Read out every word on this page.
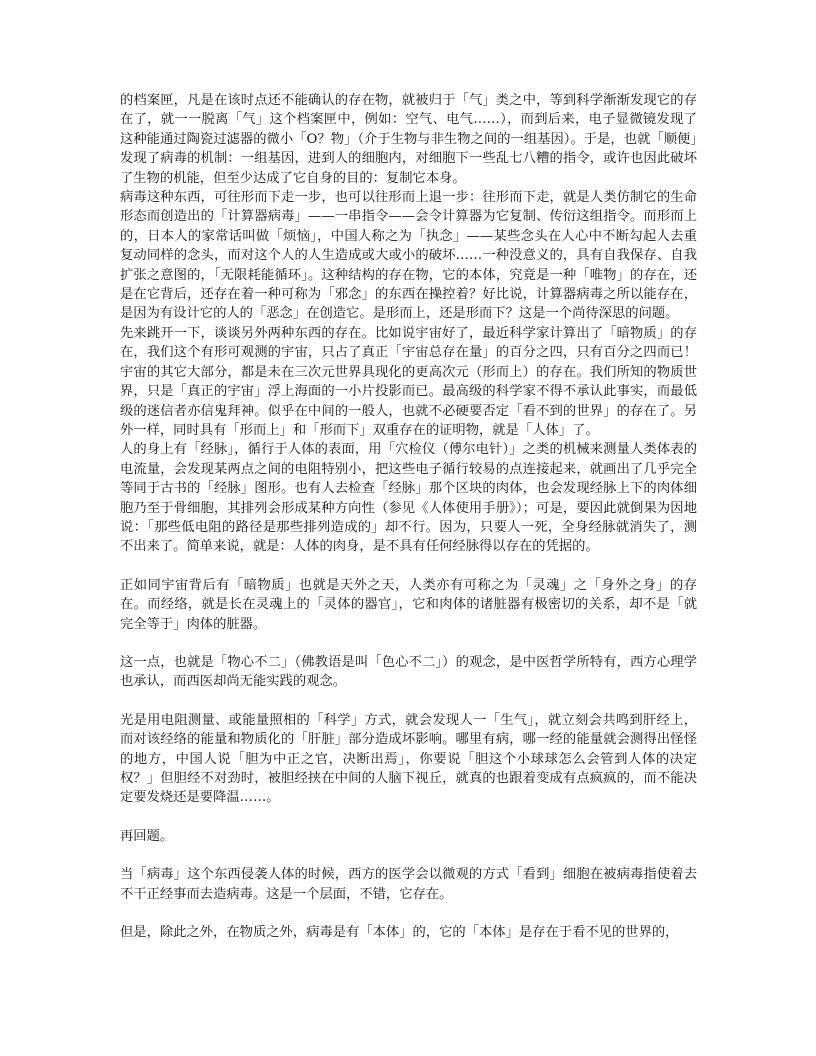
的档案匣，凡是在该时点还不能确认的存在物，就被归于「气」类之中，等到科学渐渐发现它的存在了，就一一脱离「气」这个档案匣中，例如：空气、电气……），而到后来，电子显微镜发现了这种能通过陶瓷过滤器的微小「O？物」（介于生物与非生物之间的一组基因）。于是，也就「顺便」发现了病毒的机制：一组基因，进到人的细胞内，对细胞下一些乱七八糟的指令，或许也因此破坏了生物的机能，但至少达成了它自身的目的：复制它本身。

病毒这种东西，可往形而下走一步，也可以往形而上退一步：往形而下走，就是人类仿制它的生命形态而创造出的「计算器病毒」——一串指令——会令计算器为它复制、传衍这组指令。而形而上的，日本人的家常话叫做「烦恼」，中国人称之为「执念」——某些念头在人心中不断勾起人去重复动同样的念头，而对这个人的人生造成或大或小的破坏……一种没意义的，具有自我保存、自我扩张之意图的，「无限耗能循环」。这种结构的存在物，它的本体，究竟是一种「唯物」的存在，还是在它背后，还存在着一种可称为「邪念」的东西在操控着？好比说，计算器病毒之所以能存在，是因为有设计它的人的「恶念」在创造它。是形而上，还是形而下？这是一个尚待深思的问题。

先来跳开一下，谈谈另外两种东西的存在。比如说宇宙好了，最近科学家计算出了「暗物质」的存在，我们这个有形可观测的宇宙，只占了真正「宇宙总存在量」的百分之四，只有百分之四而已！宇宙的其它大部分，都是未在三次元世界具现化的更高次元（形而上）的存在。我们所知的物质世界，只是「真正的宇宙」浮上海面的一小片投影而已。最高级的科学家不得不承认此事实，而最低级的迷信者亦信鬼拜神。似乎在中间的一般人，也就不必硬要否定「看不到的世界」的存在了。另外一样，同时具有「形而上」和「形而下」双重存在的证明物，就是「人体」了。

人的身上有「经脉」，循行于人体的表面，用「穴检仪（傅尔电针）」之类的机械来测量人类体表的电流量，会发现某两点之间的电阻特别小，把这些电子循行较易的点连接起来，就画出了几乎完全等同于古书的「经脉」图形。也有人去检查「经脉」那个区块的肉体，也会发现经脉上下的肉体细胞乃至于骨细胞，其排列会形成某种方向性（参见《人体使用手册》）；可是，要因此就倒果为因地说：「那些低电阻的路径是那些排列造成的」却不行。因为，只要人一死，全身经脉就消失了，测不出来了。简单来说，就是：人体的肉身，是不具有任何经脉得以存在的凭据的。

正如同宇宙背后有「暗物质」也就是天外之天，人类亦有可称之为「灵魂」之「身外之身」的存在。而经络，就是长在灵魂上的「灵体的器官」，它和肉体的诸脏器有极密切的关系，却不是「就完全等于」肉体的脏器。

这一点，也就是「物心不二」（佛教语是叫「色心不二」）的观念，是中医哲学所特有，西方心理学也承认，而西医却尚无能实践的观念。

光是用电阻测量、或能量照相的「科学」方式，就会发现人一「生气」，就立刻会共鸣到肝经上，而对该经络的能量和物质化的「肝脏」部分造成坏影响。哪里有病，哪一经的能量就会测得出怪怪的地方，中国人说「胆为中正之官，决断出焉」，你要说「胆这个小球球怎么会管到人体的决定权？」但胆经不对劲时，被胆经挟在中间的人脑下视丘，就真的也跟着变成有点疯疯的，而不能决定要发烧还是要降温……。

再回题。

当「病毒」这个东西侵袭人体的时候，西方的医学会以微观的方式「看到」细胞在被病毒指使着去不干正经事而去造病毒。这是一个层面，不错，它存在。

但是，除此之外，在物质之外，病毒是有「本体」的，它的「本体」是存在于看不见的世界的，
